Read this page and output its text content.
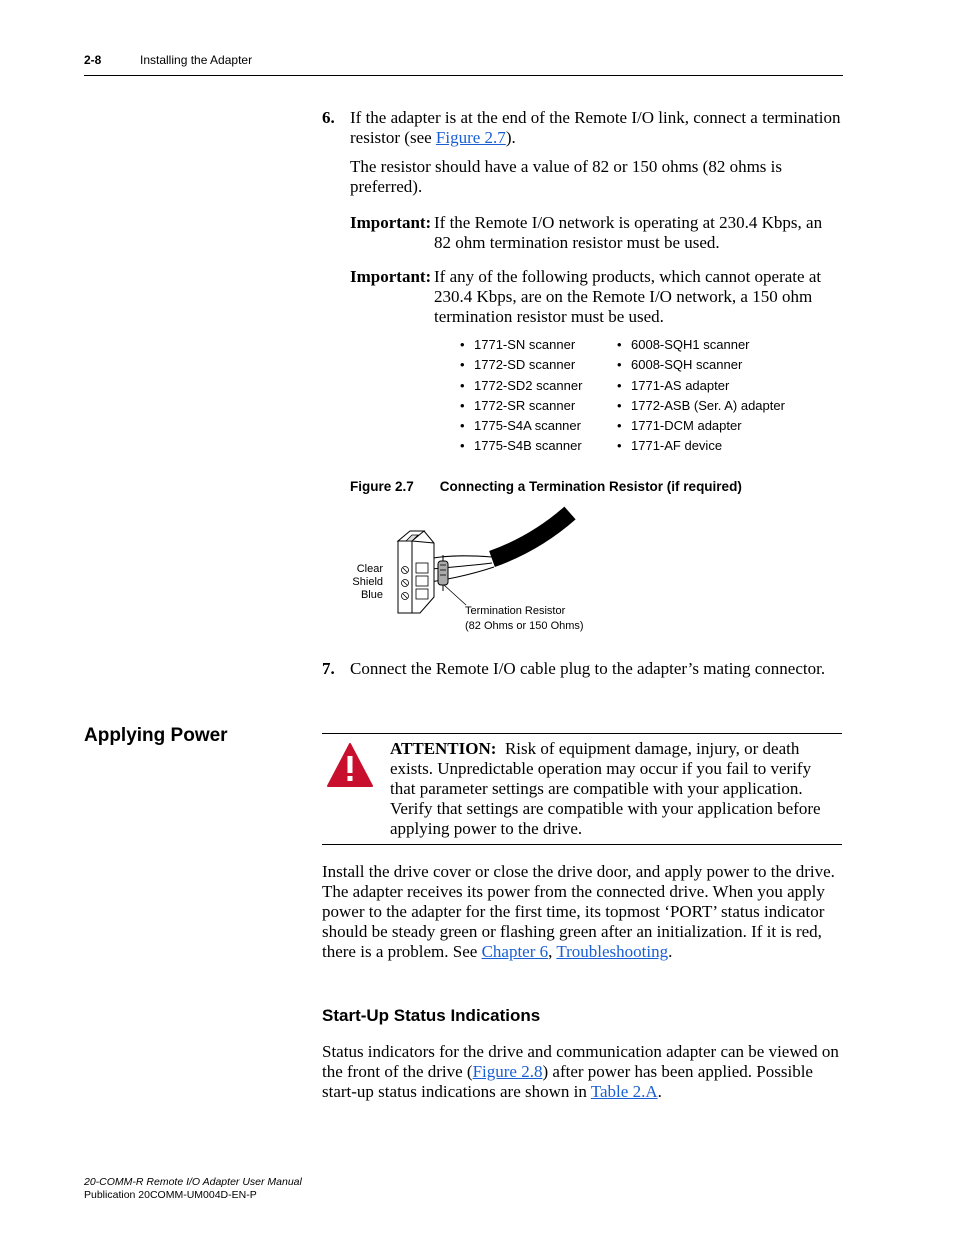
2-8	Installing the Adapter
6. If the adapter is at the end of the Remote I/O link, connect a termination resistor (see Figure 2.7).
The resistor should have a value of 82 or 150 ohms (82 ohms is preferred).
Important: If the Remote I/O network is operating at 230.4 Kbps, an 82 ohm termination resistor must be used.
Important: If any of the following products, which cannot operate at 230.4 Kbps, are on the Remote I/O network, a 150 ohm termination resistor must be used.
• 1771-SN scanner
• 1772-SD scanner
• 1772-SD2 scanner
• 1772-SR scanner
• 1775-S4A scanner
• 1775-S4B scanner
• 6008-SQH1 scanner
• 6008-SQH scanner
• 1771-AS adapter
• 1772-ASB (Ser. A) adapter
• 1771-DCM adapter
• 1771-AF device
Figure 2.7 Connecting a Termination Resistor (if required)
Clear
Shield
Blue
Termination Resistor
(82 Ohms or 150 Ohms)
7. Connect the Remote I/O cable plug to the adapter’s mating connector.
Applying Power
ATTENTION: Risk of equipment damage, injury, or death exists. Unpredictable operation may occur if you fail to verify that parameter settings are compatible with your application. Verify that settings are compatible with your application before applying power to the drive.
Install the drive cover or close the drive door, and apply power to the drive. The adapter receives its power from the connected drive. When you apply power to the adapter for the first time, its topmost ‘PORT’ status indicator should be steady green or flashing green after an initialization. If it is red, there is a problem. See Chapter 6, Troubleshooting.
Start-Up Status Indications
Status indicators for the drive and communication adapter can be viewed on the front of the drive (Figure 2.8) after power has been applied. Possible start-up status indications are shown in Table 2.A.
20-COMM-R Remote I/O Adapter User Manual
Publication 20COMM-UM004D-EN-P
